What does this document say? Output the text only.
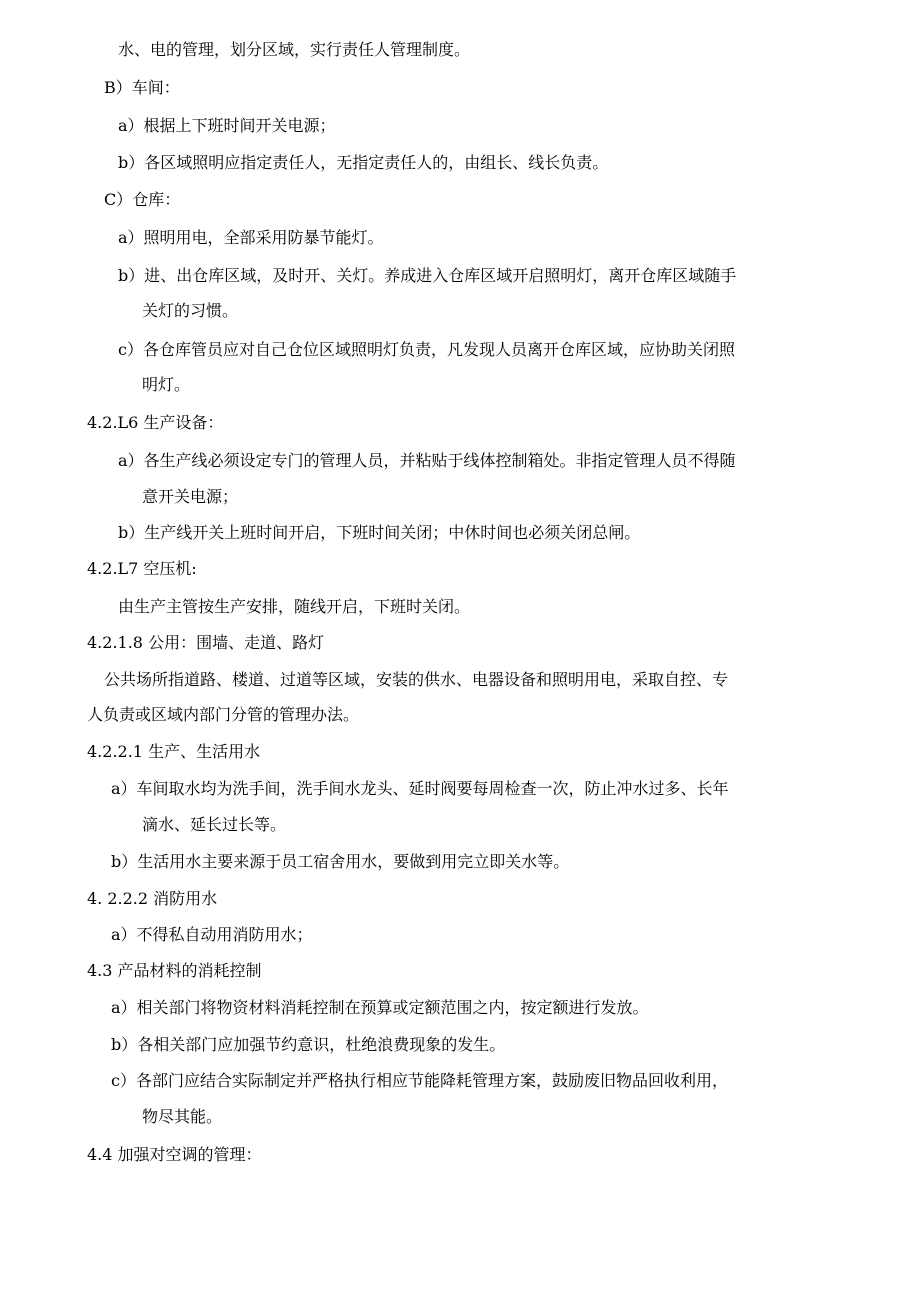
水、电的管理，划分区域，实行责任人管理制度。
B）车间：
a）根据上下班时间开关电源；
b）各区域照明应指定责任人，无指定责任人的，由组长、线长负责。
C）仓库：
a）照明用电，全部采用防暴节能灯。
b）进、出仓库区域，及时开、关灯。养成进入仓库区域开启照明灯，离开仓库区域随手
关灯的习惯。
c）各仓库管员应对自己仓位区域照明灯负责，凡发现人员离开仓库区域，应协助关闭照
明灯。
4.2.L6 生产设备：
a）各生产线必须设定专门的管理人员，并粘贴于线体控制箱处。非指定管理人员不得随
意开关电源；
b）生产线开关上班时间开启，下班时间关闭；中休时间也必须关闭总闸。
4.2.L7 空压机:
由生产主管按生产安排，随线开启，下班时关闭。
4.2.1.8 公用：围墙、走道、路灯
公共场所指道路、楼道、过道等区域，安装的供水、电器设备和照明用电，采取自控、专
人负责或区域内部门分管的管理办法。
4.2.2.1 生产、生活用水
a）车间取水均为洗手间，洗手间水龙头、延时阀要每周检查一次，防止冲水过多、长年
滴水、延长过长等。
b）生活用水主要来源于员工宿舍用水，要做到用完立即关水等。
4. 2.2.2 消防用水
a）不得私自动用消防用水；
4.3 产品材料的消耗控制
a）相关部门将物资材料消耗控制在预算或定额范围之内，按定额进行发放。
b）各相关部门应加强节约意识，杜绝浪费现象的发生。
c）各部门应结合实际制定并严格执行相应节能降耗管理方案，鼓励废旧物品回收利用，
物尽其能。
4.4 加强对空调的管理：
